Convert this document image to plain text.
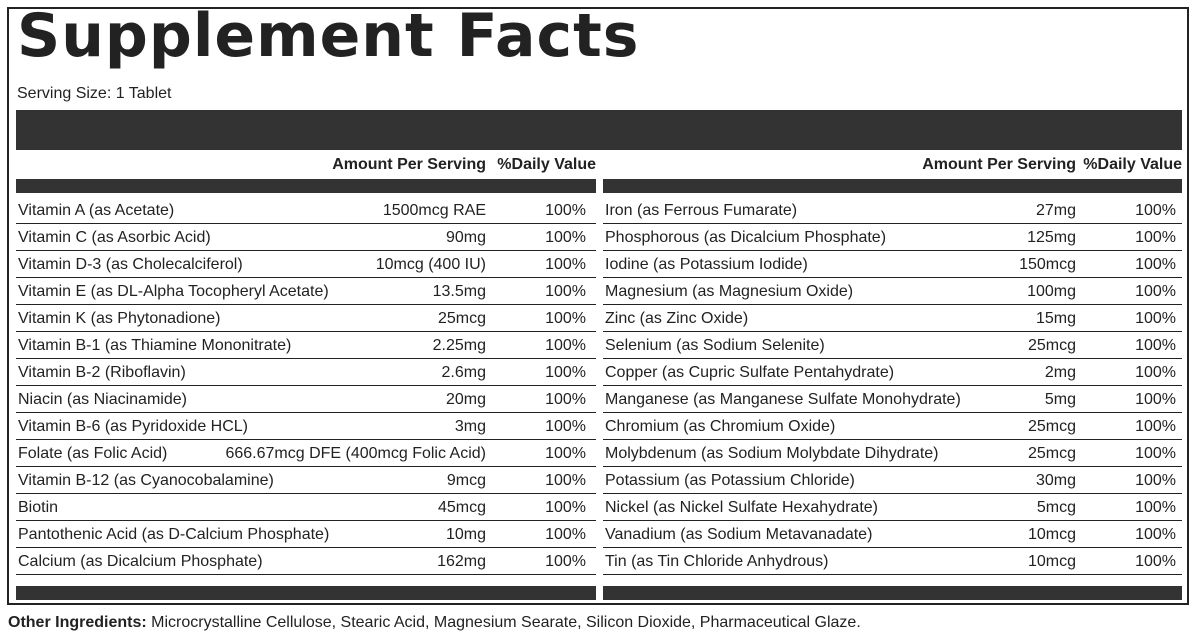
Supplement Facts
Serving Size: 1 Tablet
Amount Per Serving %Daily Value
Vitamin A (as Acetate)	1500mcg RAE	100%
Vitamin C (as Asorbic Acid)	90mg	100%
Vitamin D-3 (as Cholecalciferol)	10mcg (400 IU)	100%
Vitamin E (as DL-Alpha Tocopheryl Acetate)	13.5mg	100%
Vitamin K (as Phytonadione)	25mcg	100%
Vitamin B-1 (as Thiamine Mononitrate)	2.25mg	100%
Vitamin B-2 (Riboflavin)	2.6mg	100%
Niacin (as Niacinamide)	20mg	100%
Vitamin B-6 (as Pyridoxide HCL)	3mg	100%
Folate (as Folic Acid)	666.67mcg DFE (400mcg Folic Acid)	100%
Vitamin B-12 (as Cyanocobalamine)	9mcg	100%
Biotin	45mcg	100%
Pantothenic Acid (as D-Calcium Phosphate)	10mg	100%
Calcium (as Dicalcium Phosphate)	162mg	100%
Amount Per Serving %Daily Value
Iron (as Ferrous Fumarate)	27mg	100%
Phosphorous (as Dicalcium Phosphate)	125mg	100%
Iodine (as Potassium Iodide)	150mcg	100%
Magnesium (as Magnesium Oxide)	100mg	100%
Zinc (as Zinc Oxide)	15mg	100%
Selenium (as Sodium Selenite)	25mcg	100%
Copper (as Cupric Sulfate Pentahydrate)	2mg	100%
Manganese (as Manganese Sulfate Monohydrate)	5mg	100%
Chromium (as Chromium Oxide)	25mcg	100%
Molybdenum (as Sodium Molybdate Dihydrate)	25mcg	100%
Potassium (as Potassium Chloride)	30mg	100%
Nickel (as Nickel Sulfate Hexahydrate)	5mcg	100%
Vanadium (as Sodium Metavanadate)	10mcg	100%
Tin (as Tin Chloride Anhydrous)	10mcg	100%
Other Ingredients: Microcrystalline Cellulose, Stearic Acid, Magnesium Searate, Silicon Dioxide, Pharmaceutical Glaze.
